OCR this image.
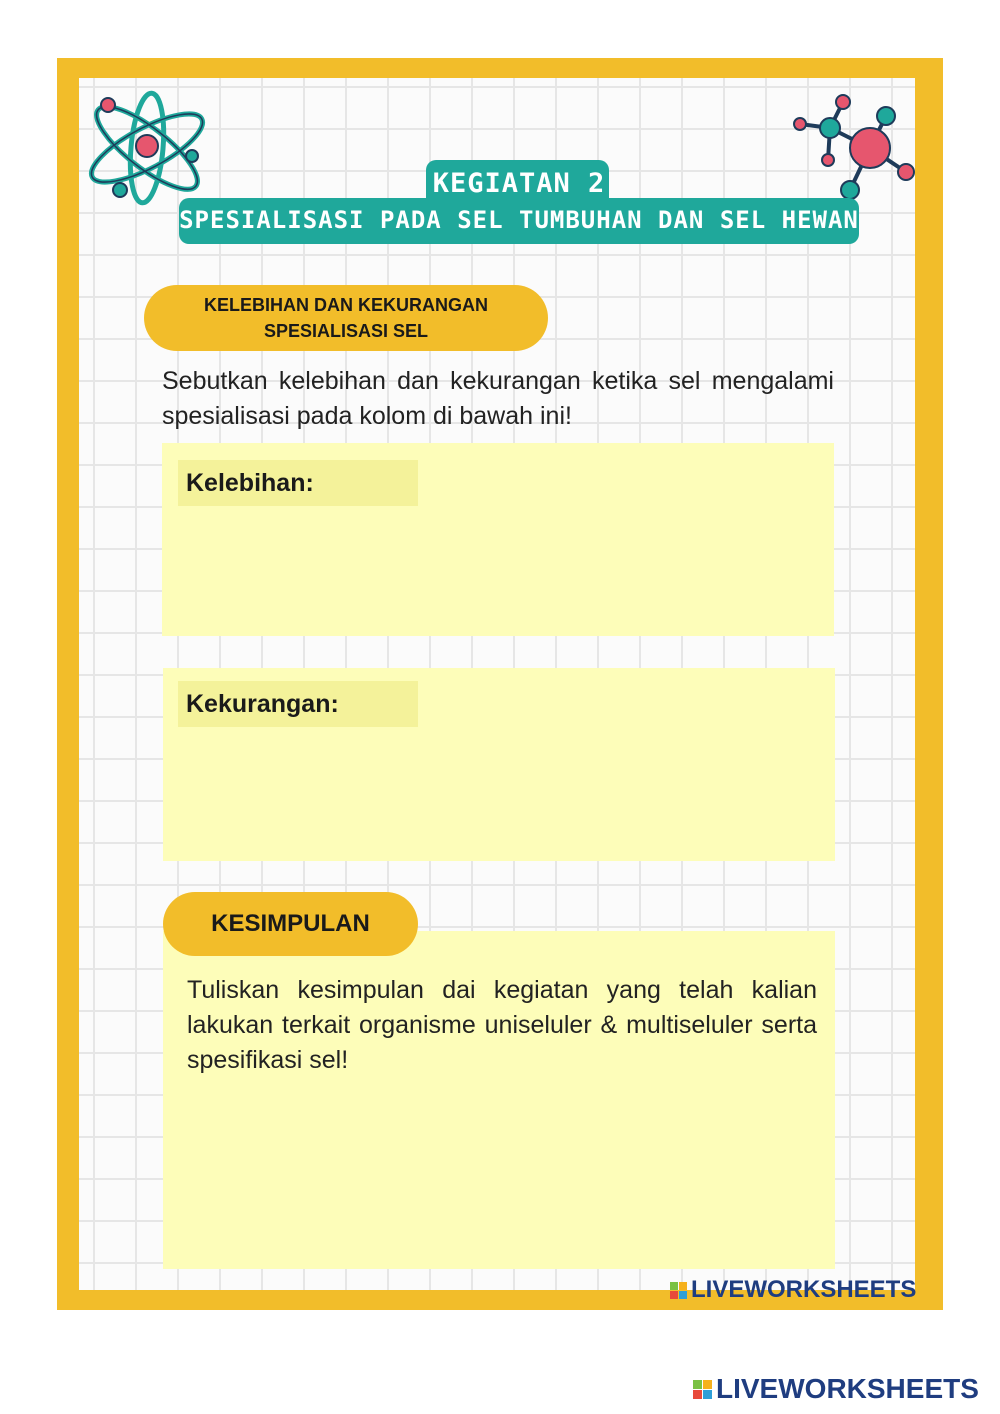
KEGIATAN 2
SPESIALISASI PADA SEL TUMBUHAN DAN SEL HEWAN
KELEBIHAN DAN KEKURANGAN
SPESIALISASI SEL
Sebutkan kelebihan dan kekurangan ketika sel mengalami spesialisasi pada kolom di bawah ini!
Kelebihan:
Kekurangan:
KESIMPULAN
Tuliskan kesimpulan dai kegiatan yang telah kalian lakukan terkait organisme uniseluler & multiseluler serta spesifikasi sel!
LIVEWORKSHEETS
LIVEWORKSHEETS
